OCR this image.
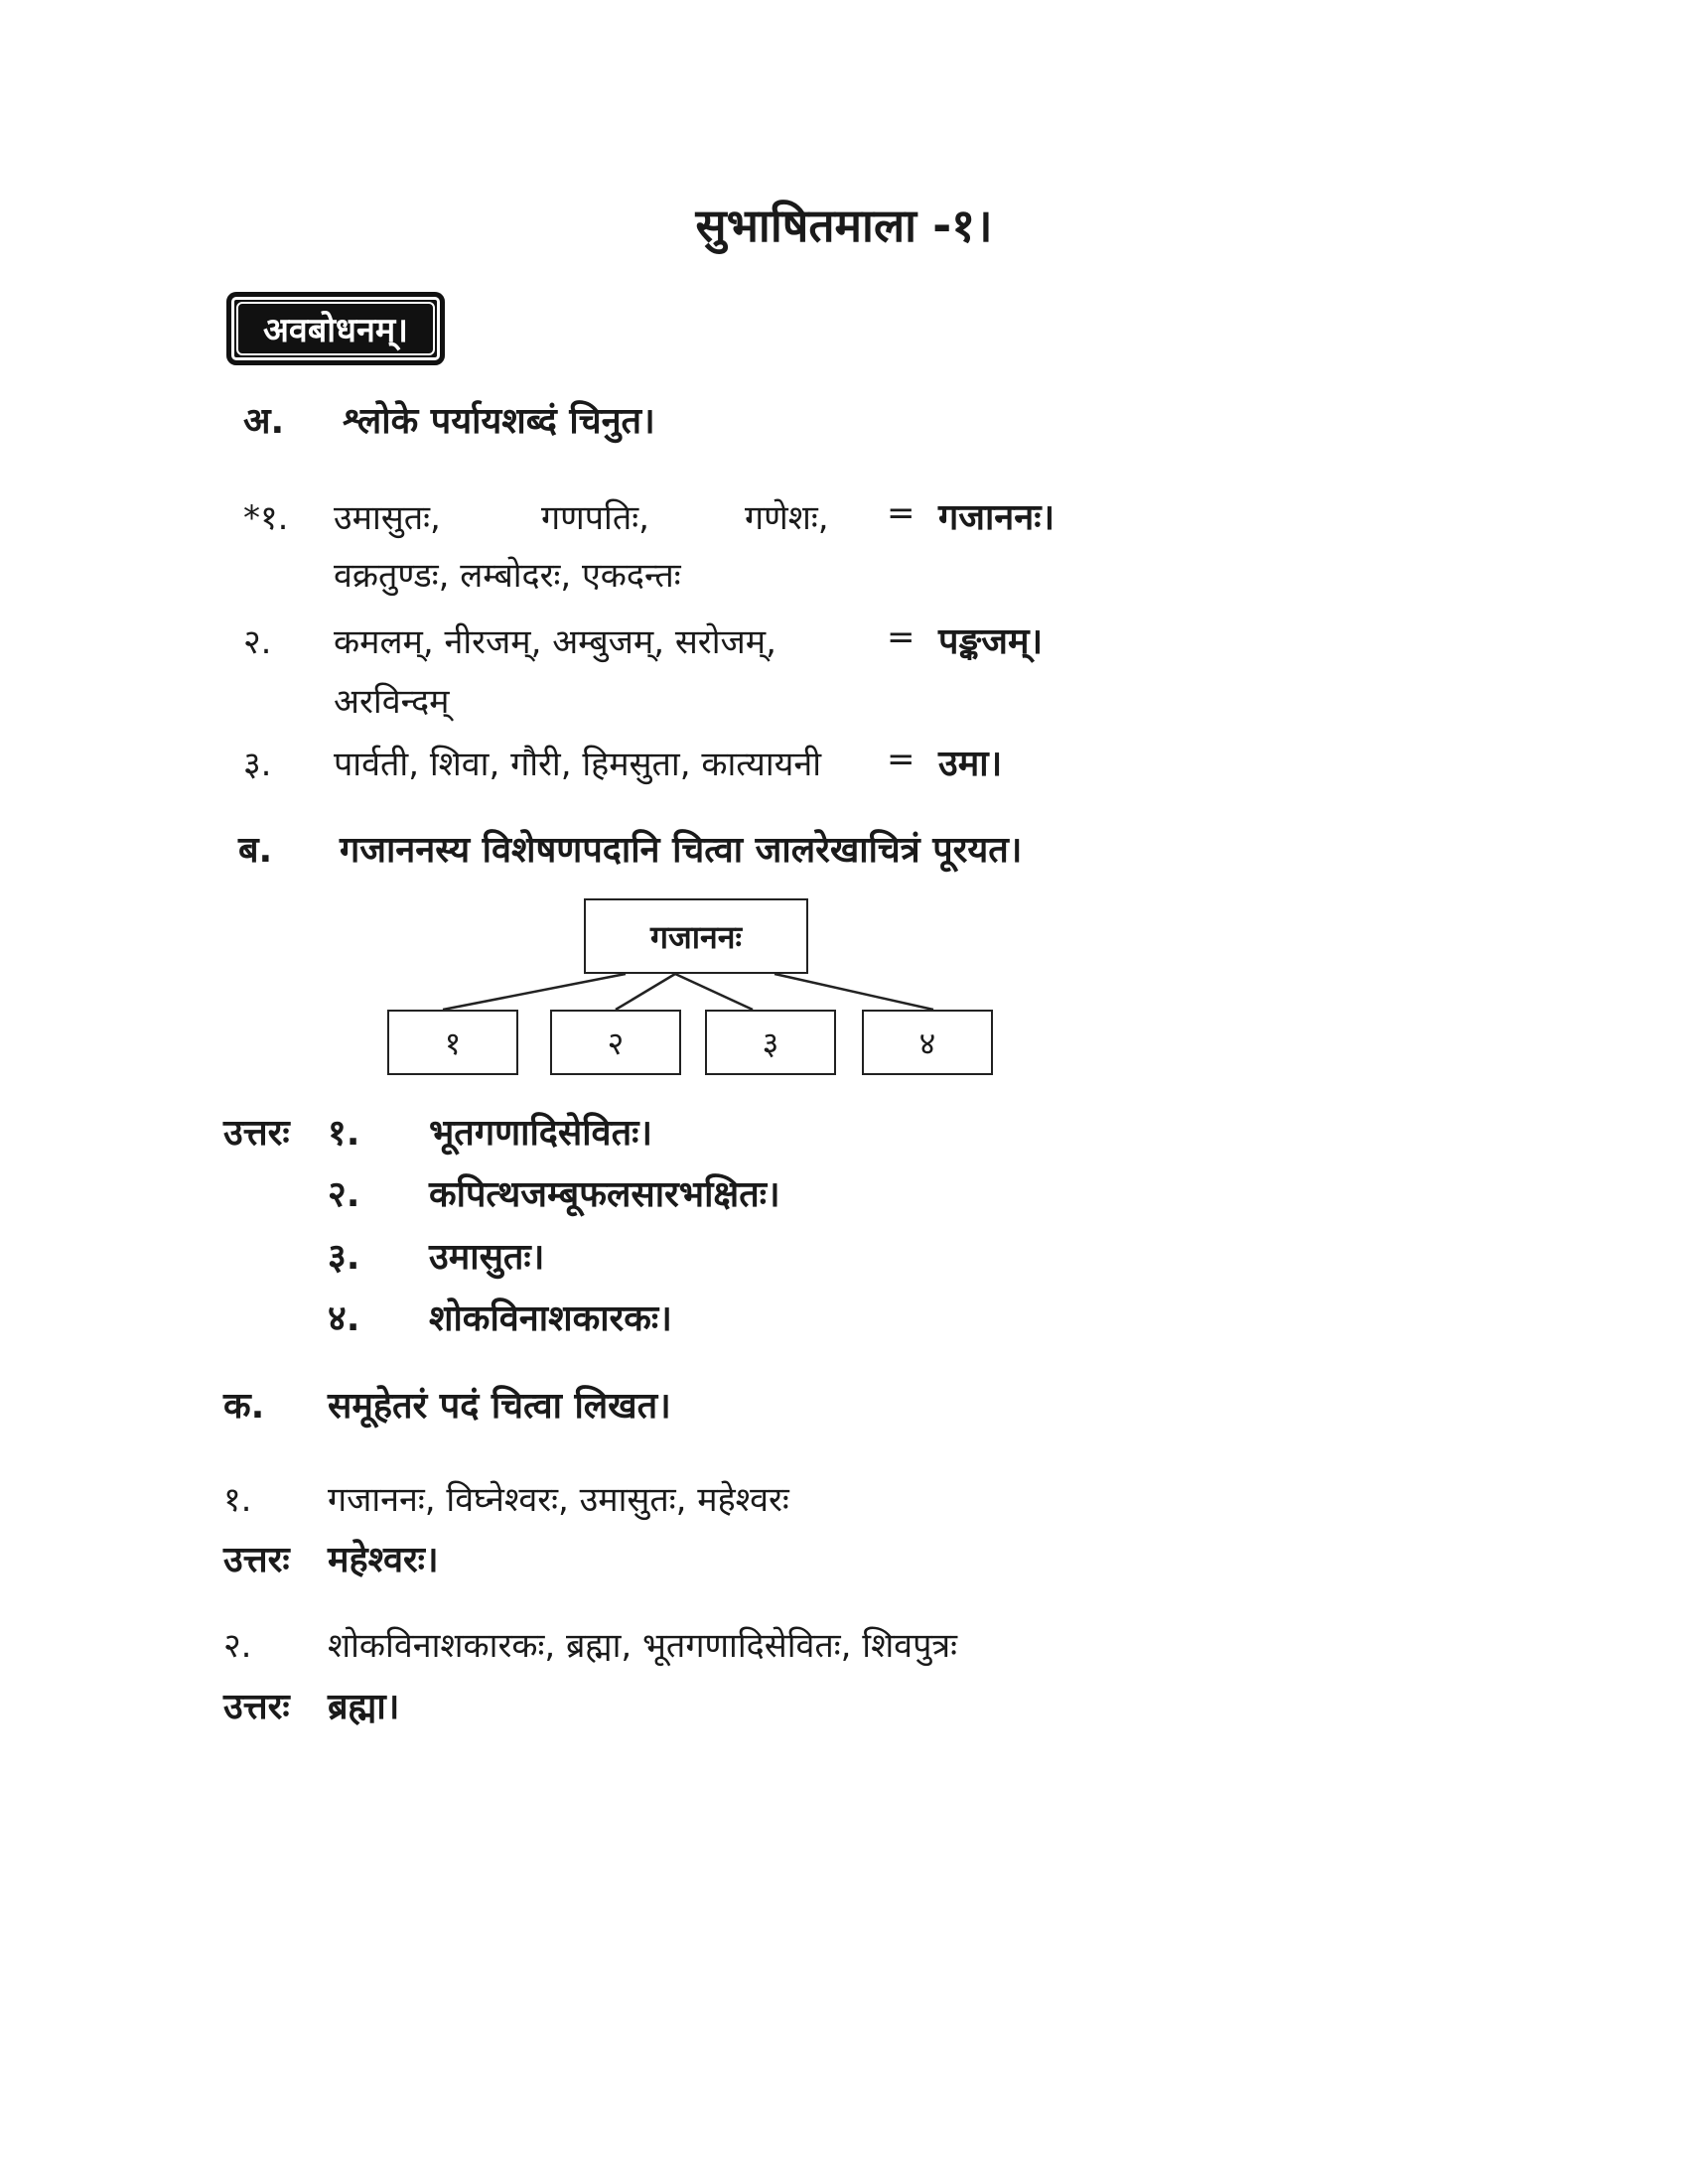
सुभाषितमाला -१।
अवबोधनम्।
अ. श्लोके पर्यायशब्दं चिनुत।
*१. उमासुतः,	गणपतिः,	गणेशः, = गजाननः।
वक्रतुण्डः, लम्बोदरः, एकदन्तः
२. कमलम्, नीरजम्, अम्बुजम्, सरोजम्,	= पङ्कजम्।
अरविन्दम्
३. पार्वती, शिवा, गौरी, हिमसुता, कात्यायनी = उमा।
ब. गजाननस्य विशेषणपदानि चित्वा जालरेखाचित्रं पूरयत।
गजाननः
१	२	३	४
उत्तरः १. भूतगणादिसेवितः।
२. कपित्थजम्बूफलसारभक्षितः।
३. उमासुतः।
४. शोकविनाशकारकः।
क. समूहेतरं पदं चित्वा लिखत।
१. गजाननः, विघ्नेश्वरः, उमासुतः, महेश्वरः
उत्तरः महेश्वरः।
२. शोकविनाशकारकः, ब्रह्मा, भूतगणादिसेवितः, शिवपुत्रः
उत्तरः ब्रह्मा।
